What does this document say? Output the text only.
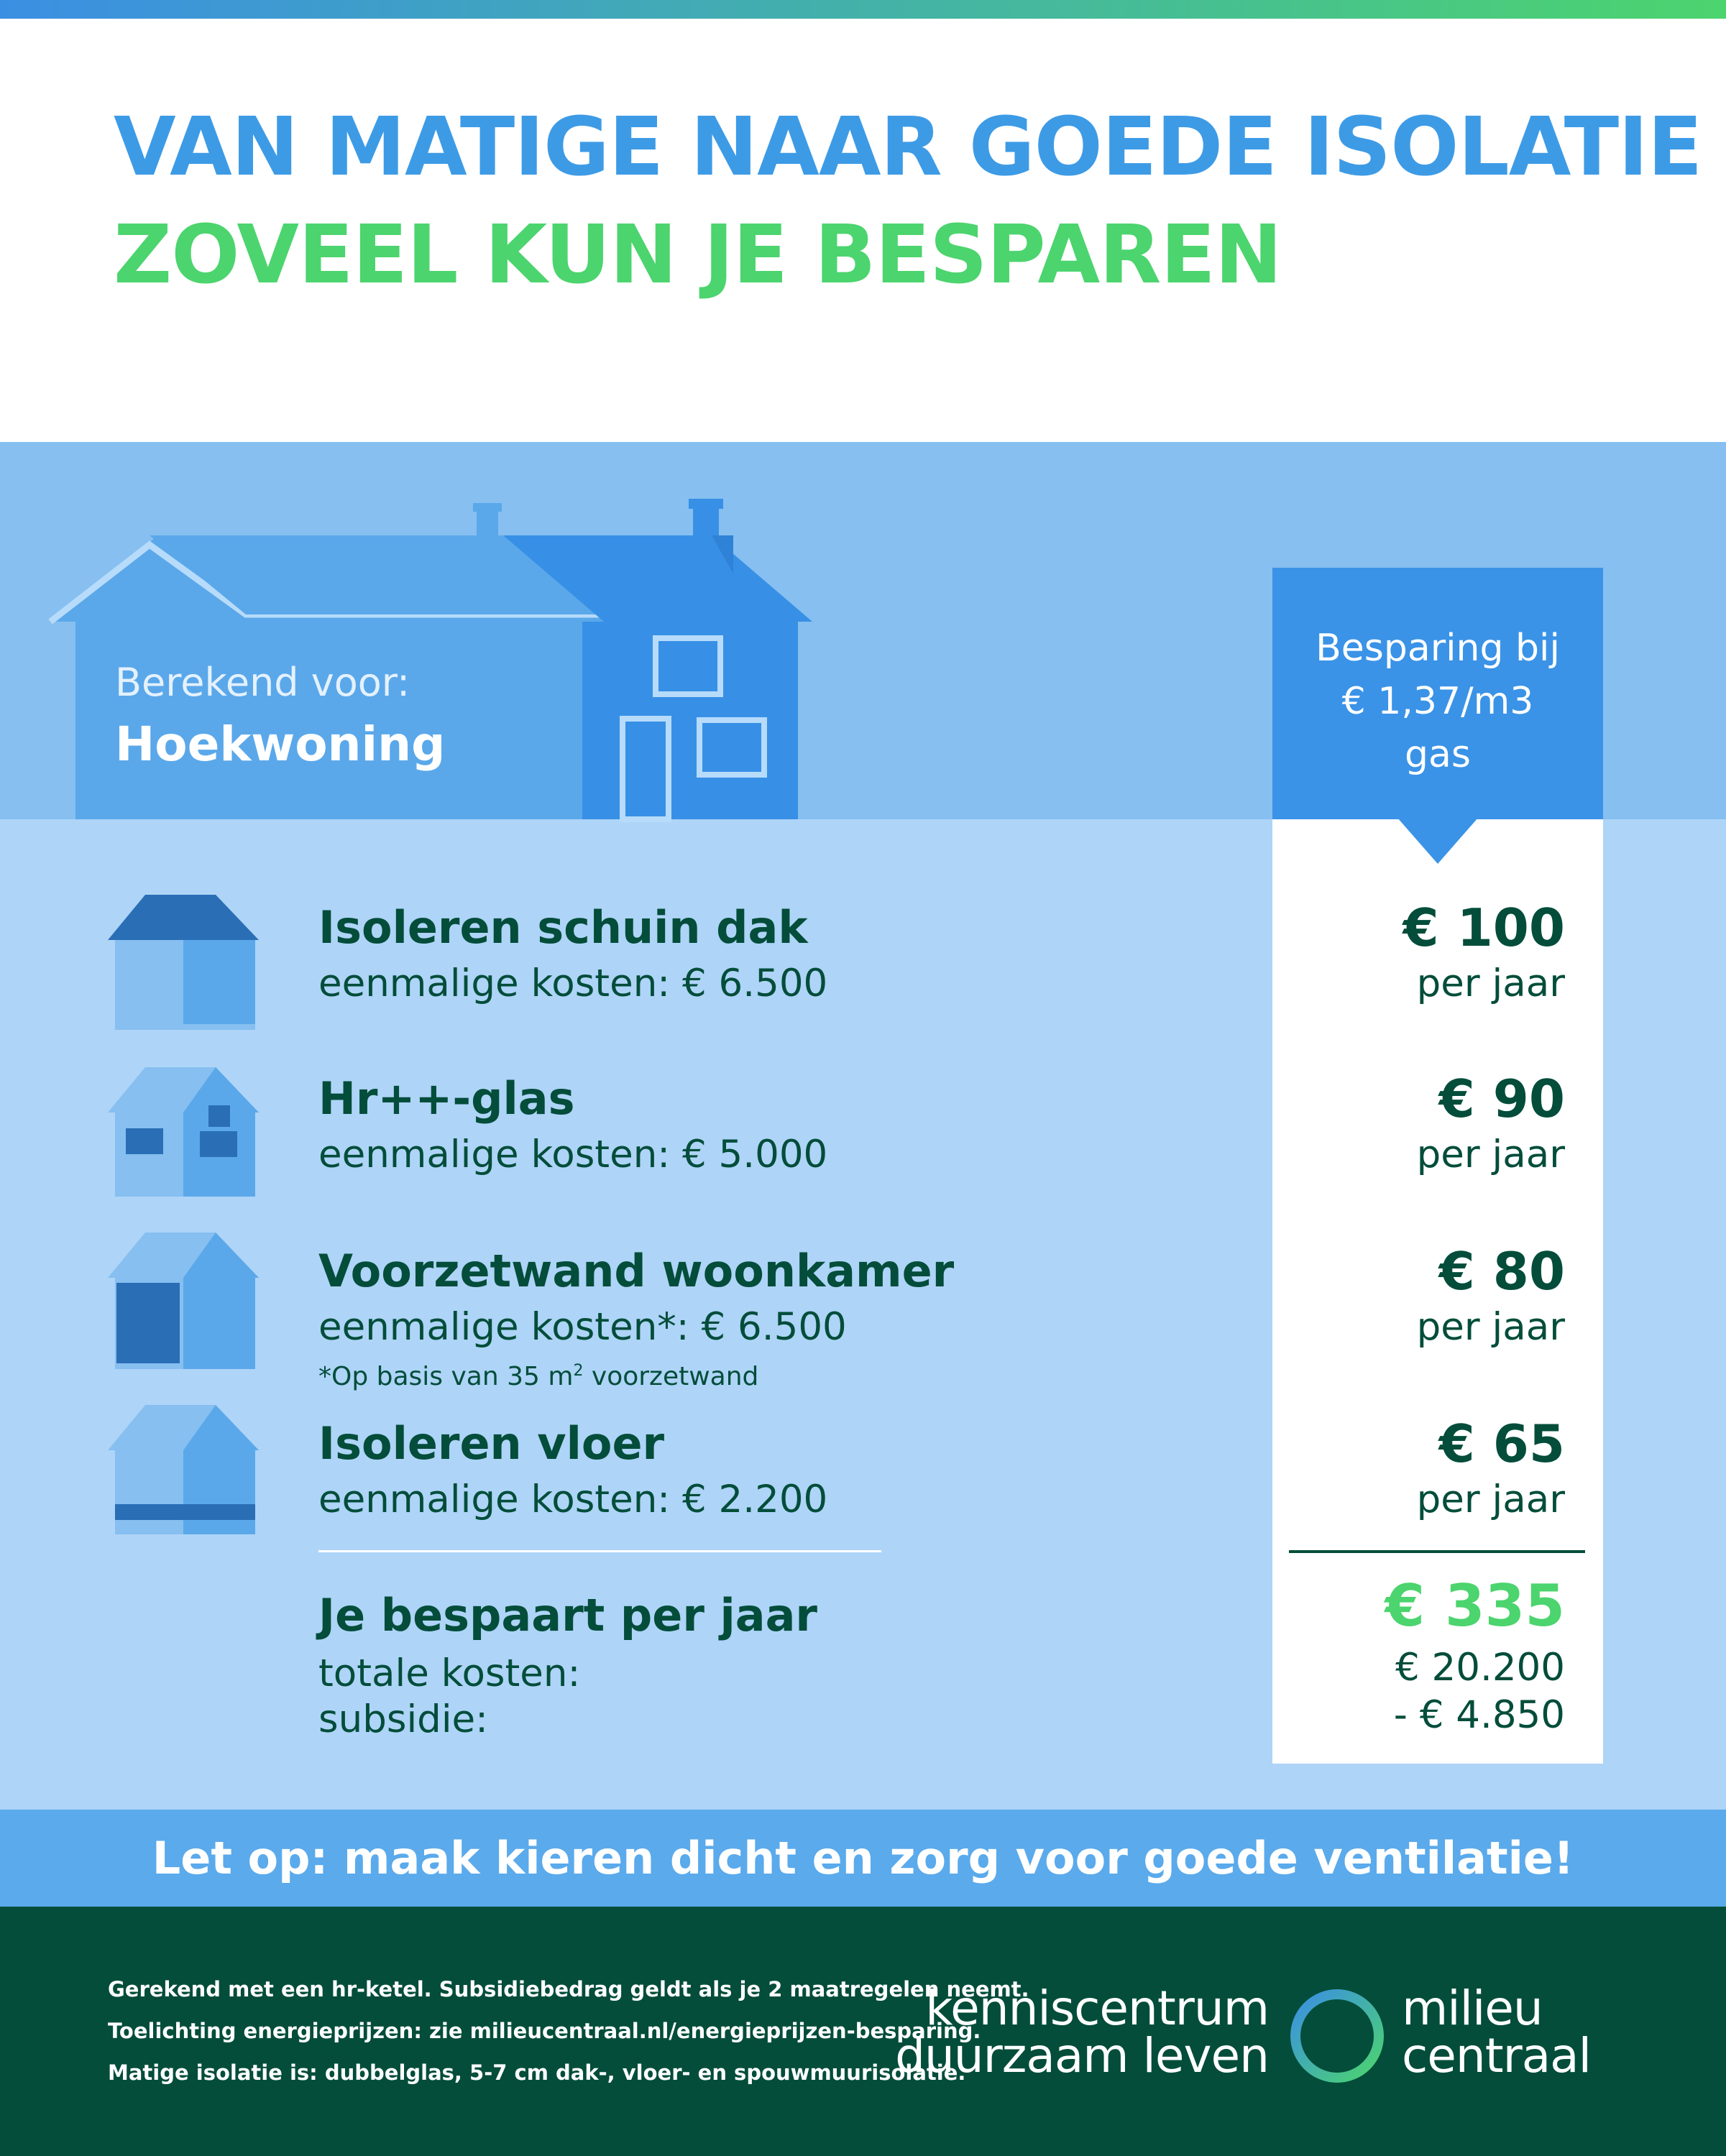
VAN MATIGE NAAR GOEDE ISOLATIE
ZOVEEL KUN JE BESPAREN
Berekend voor:
Hoekwoning
Besparing bij
€ 1,37/m3
gas
Isoleren schuin dak
eenmalige kosten: € 6.500
€ 100
per jaar
Hr++-glas
eenmalige kosten: € 5.000
€ 90
per jaar
Voorzetwand woonkamer
eenmalige kosten*: € 6.500
€ 80
per jaar
*Op basis van 35 $m^2$ voorzetwand
Isoleren vloer
eenmalige kosten: € 2.200
€ 65
per jaar
Je bespaart per jaar
totale kosten:
subsidie:
€ 335
€ 20.200
- € 4.850
Let op: maak kieren dicht en zorg voor goede ventilatie!
Gerekend met een hr-ketel. Subsidiebedrag geldt als je 2 maatregelen neemt.
Toelichting energieprijzen: zie milieucentraal.nl/energieprijzen-besparing.
Matige isolatie is: dubbelglas, 5-7 cm dak-, vloer- en spouwmuurisolatie.
kenniscentrum
duurzaam leven
milieu
centraal
